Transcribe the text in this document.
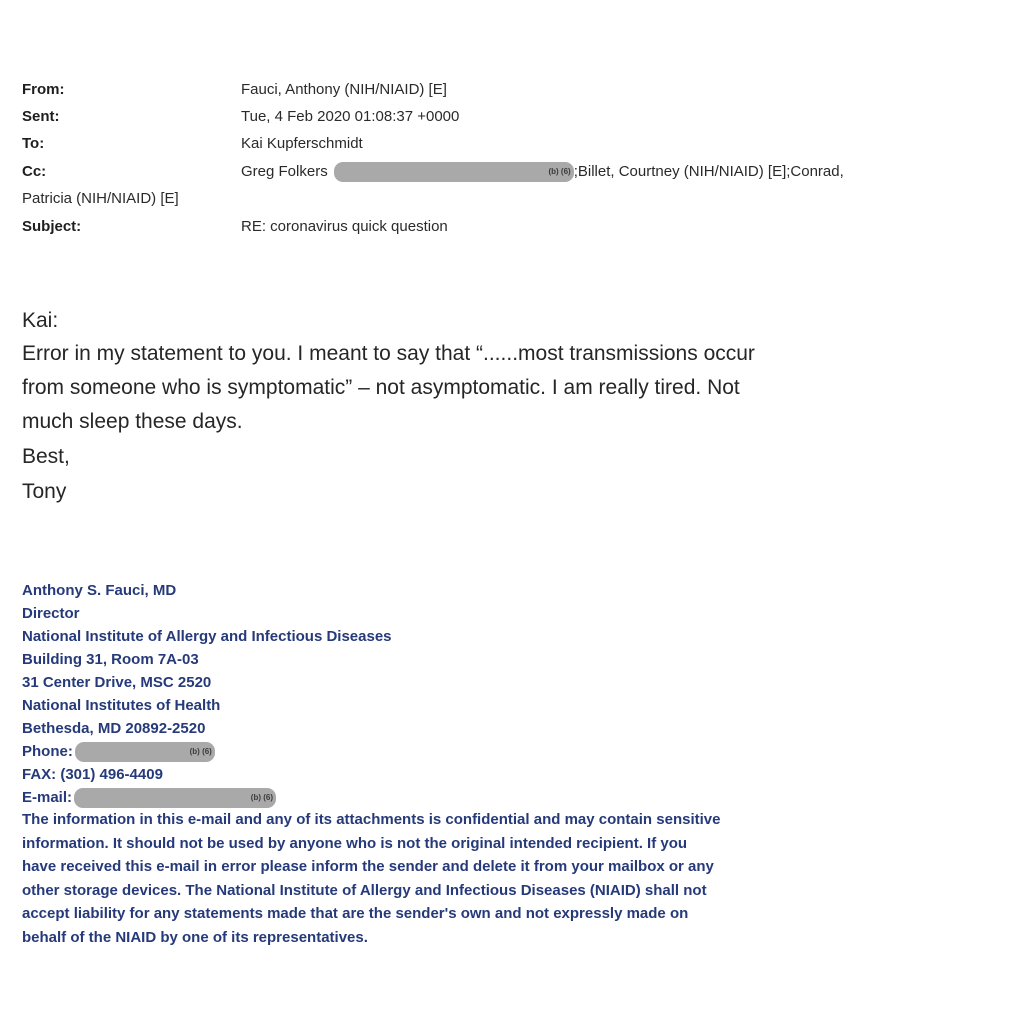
From:	Fauci, Anthony (NIH/NIAID) [E]
Sent:	Tue, 4 Feb 2020 01:08:37 +0000
To:	Kai Kupferschmidt
Cc:	Greg Folkers	(b) (6) ;Billet, Courtney (NIH/NIAID) [E];Conrad,
Patricia (NIH/NIAID) [E]
Subject:	RE: coronavirus quick question
Kai:
Error in my statement to you. I meant to say that “......most transmissions occur
from someone who is symptomatic” – not asymptomatic. I am really tired. Not
much sleep these days.
Best,
Tony
Anthony S. Fauci, MD
Director
National Institute of Allergy and Infectious Diseases
Building 31, Room 7A-03
31 Center Drive, MSC 2520
National Institutes of Health
Bethesda, MD 20892-2520
Phone:	(b) (6)
FAX: (301) 496-4409
E-mail:	(b) (6)
The information in this e-mail and any of its attachments is confidential and may contain sensitive
information. It should not be used by anyone who is not the original intended recipient. If you
have received this e-mail in error please inform the sender and delete it from your mailbox or any
other storage devices. The National Institute of Allergy and Infectious Diseases (NIAID) shall not
accept liability for any statements made that are the sender's own and not expressly made on
behalf of the NIAID by one of its representatives.
